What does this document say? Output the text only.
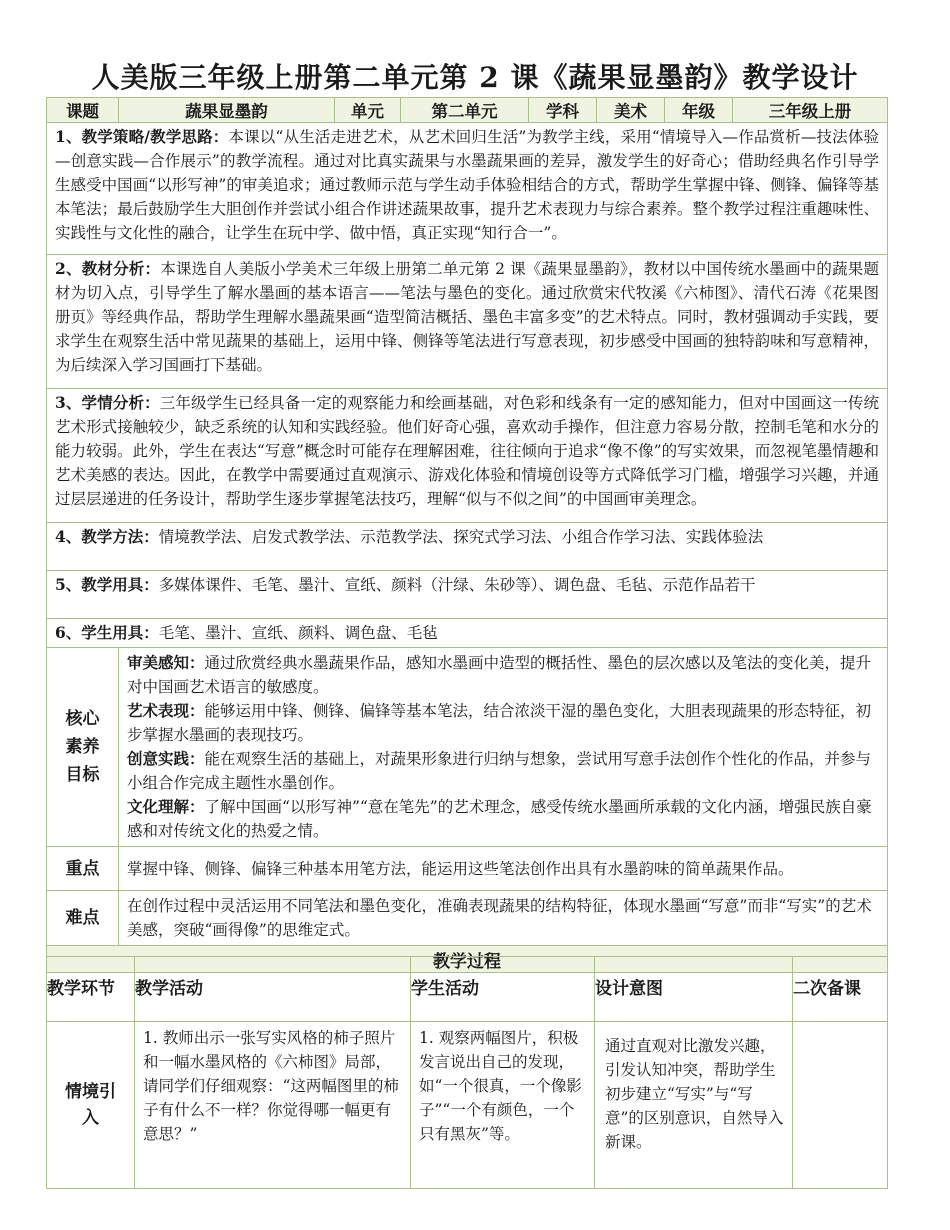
人美版三年级上册第二单元第 2 课《蔬果显墨韵》教学设计
课题	蔬果显墨韵	单元	第二单元	学科	美术	年级	三年级上册
1、教学策略/教学思路：本课以“从生活走进艺术，从艺术回归生活”为教学主线，采用“情境导入—作品赏析—技法体验—创意实践—合作展示”的教学流程。通过对比真实蔬果与水墨蔬果画的差异，激发学生的好奇心；借助经典名作引导学生感受中国画“以形写神”的审美追求；通过教师示范与学生动手体验相结合的方式，帮助学生掌握中锋、侧锋、偏锋等基本笔法；最后鼓励学生大胆创作并尝试小组合作讲述蔬果故事，提升艺术表现力与综合素养。整个教学过程注重趣味性、实践性与文化性的融合，让学生在玩中学、做中悟，真正实现“知行合一”。							
2、教材分析：本课选自人美版小学美术三年级上册第二单元第 2 课《蔬果显墨韵》，教材以中国传统水墨画中的蔬果题材为切入点，引导学生了解水墨画的基本语言——笔法与墨色的变化。通过欣赏宋代牧溪《六柿图》、清代石涛《花果图册页》等经典作品，帮助学生理解水墨蔬果画“造型简洁概括、墨色丰富多变”的艺术特点。同时，教材强调动手实践，要求学生在观察生活中常见蔬果的基础上，运用中锋、侧锋等笔法进行写意表现，初步感受中国画的独特韵味和写意精神，为后续深入学习国画打下基础。							
3、学情分析：三年级学生已经具备一定的观察能力和绘画基础，对色彩和线条有一定的感知能力，但对中国画这一传统艺术形式接触较少，缺乏系统的认知和实践经验。他们好奇心强，喜欢动手操作，但注意力容易分散，控制毛笔和水分的能力较弱。此外，学生在表达“写意”概念时可能存在理解困难，往往倾向于追求“像不像”的写实效果，而忽视笔墨情趣和艺术美感的表达。因此，在教学中需要通过直观演示、游戏化体验和情境创设等方式降低学习门槛，增强学习兴趣，并通过层层递进的任务设计，帮助学生逐步掌握笔法技巧，理解“似与不似之间”的中国画审美理念。							
4、教学方法：情境教学法、启发式教学法、示范教学法、探究式学习法、小组合作学习法、实践体验法							
5、教学用具：多媒体课件、毛笔、墨汁、宣纸、颜料（汁绿、朱砂等）、调色盘、毛毡、示范作品若干							
6、学生用具：毛笔、墨汁、宣纸、颜料、调色盘、毛毡							

核心素养目标	审美感知：通过欣赏经典水墨蔬果作品，感知水墨画中造型的概括性、墨色的层次感以及笔法的变化美，提升对中国画艺术语言的敏感度。

艺术表现：能够运用中锋、侧锋、偏锋等基本笔法，结合浓淡干湿的墨色变化，大胆表现蔬果的形态特征，初步掌握水墨画的表现技巧。

创意实践：能在观察生活的基础上，对蔬果形象进行归纳与想象，尝试用写意手法创作个性化的作品，并参与小组合作完成主题性水墨创作。

文化理解：了解中国画“以形写神”“意在笔先”的艺术理念，感受传统水墨画所承载的文化内涵，增强民族自豪感和对传统文化的热爱之情。						

重点	掌握中锋、侧锋、偏锋三种基本用笔方法，能运用这些笔法创作出具有水墨韵味的简单蔬果作品。						
难点	在创作过程中灵活运用不同笔法和墨色变化，准确表现蔬果的结构特征，体现水墨画“写意”而非“写实”的艺术美感，突破“画得像”的思维定式。						
教学过程							
教学环节	教学活动	学生活动	设计意图	二次备课
情境引入	1. 教师出示一张写实风格的柿子照片和一幅水墨风格的《六柿图》局部，请同学们仔细观察：“这两幅图里的柿子有什么不一样？你觉得哪一幅更有意思？”	1. 观察两幅图片，积极发言说出自己的发现，如“一个很真，一个像影子”“一个有颜色，一个只有黑灰”等。	通过直观对比激发兴趣，引发认知冲突，帮助学生初步建立“写实”与“写意”的区别意识，自然导入新课。	
